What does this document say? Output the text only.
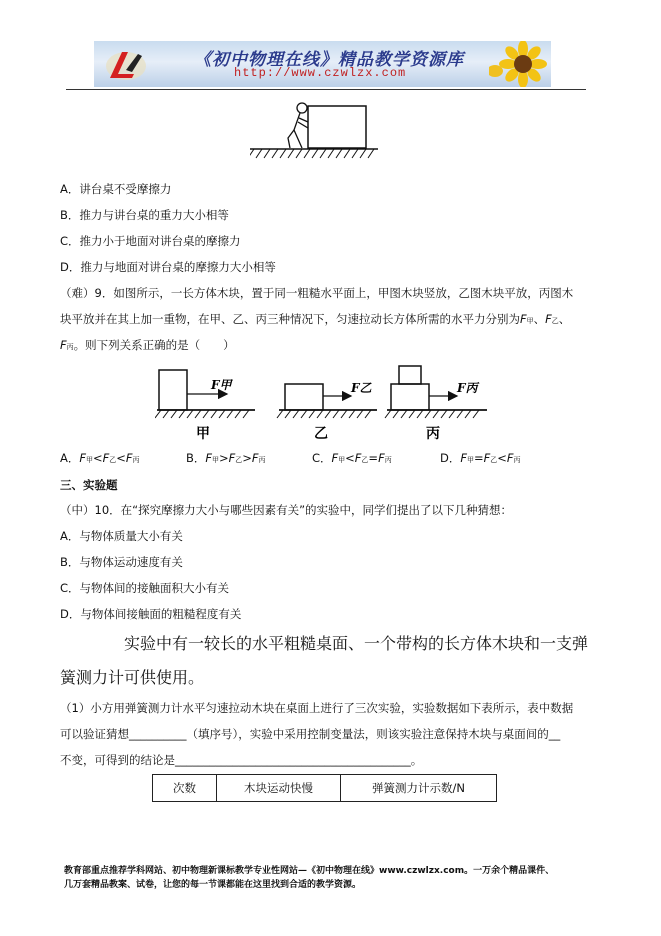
《初中物理在线》精品教学资源库
http://www.czwlzx.com
A．讲台桌不受摩擦力
B．推力与讲台桌的重力大小相等
C．推力小于地面对讲台桌的摩擦力
D．推力与地面对讲台桌的摩擦力大小相等
（难）9．如图所示，一长方体木块，置于同一粗糙水平面上，甲图木块竖放，乙图木块平放，丙图木
块平放并在其上加一重物，在甲、乙、丙三种情况下，匀速拉动长方体所需的水平力分别为F甲、F乙、
F丙。则下列关系正确的是（　　）
F甲
甲
F乙
乙
F丙
丙
A．F甲<F乙<F丙	B．F甲>F乙>F丙	C．F甲<F乙=F丙	D．F甲=F乙<F丙
三、实验题
（中）10．在“探究摩擦力大小与哪些因素有关”的实验中，同学们提出了以下几种猜想：
A．与物体质量大小有关
B．与物体运动速度有关
C．与物体间的接触面积大小有关
D．与物体间接触面的粗糙程度有关
实验中有一较长的水平粗糙桌面、一个带构的长方体木块和一支弹
簧测力计可供使用。
（1）小方用弹簧测力计水平匀速拉动木块在桌面上进行了三次实验，实验数据如下表所示，表中数据
可以验证猜想__________（填序号），实验中采用控制变量法，则该实验注意保持木块与桌面间的__
不变，可得到的结论是_________________________________________。
次数	木块运动快慢	弹簧测力计示数/N
教育部重点推荐学科网站、初中物理新课标教学专业性网站—《初中物理在线》www.czwlzx.com。一万余个精品课件、
几万套精品教案、试卷，让您的每一节课都能在这里找到合适的教学资源。
